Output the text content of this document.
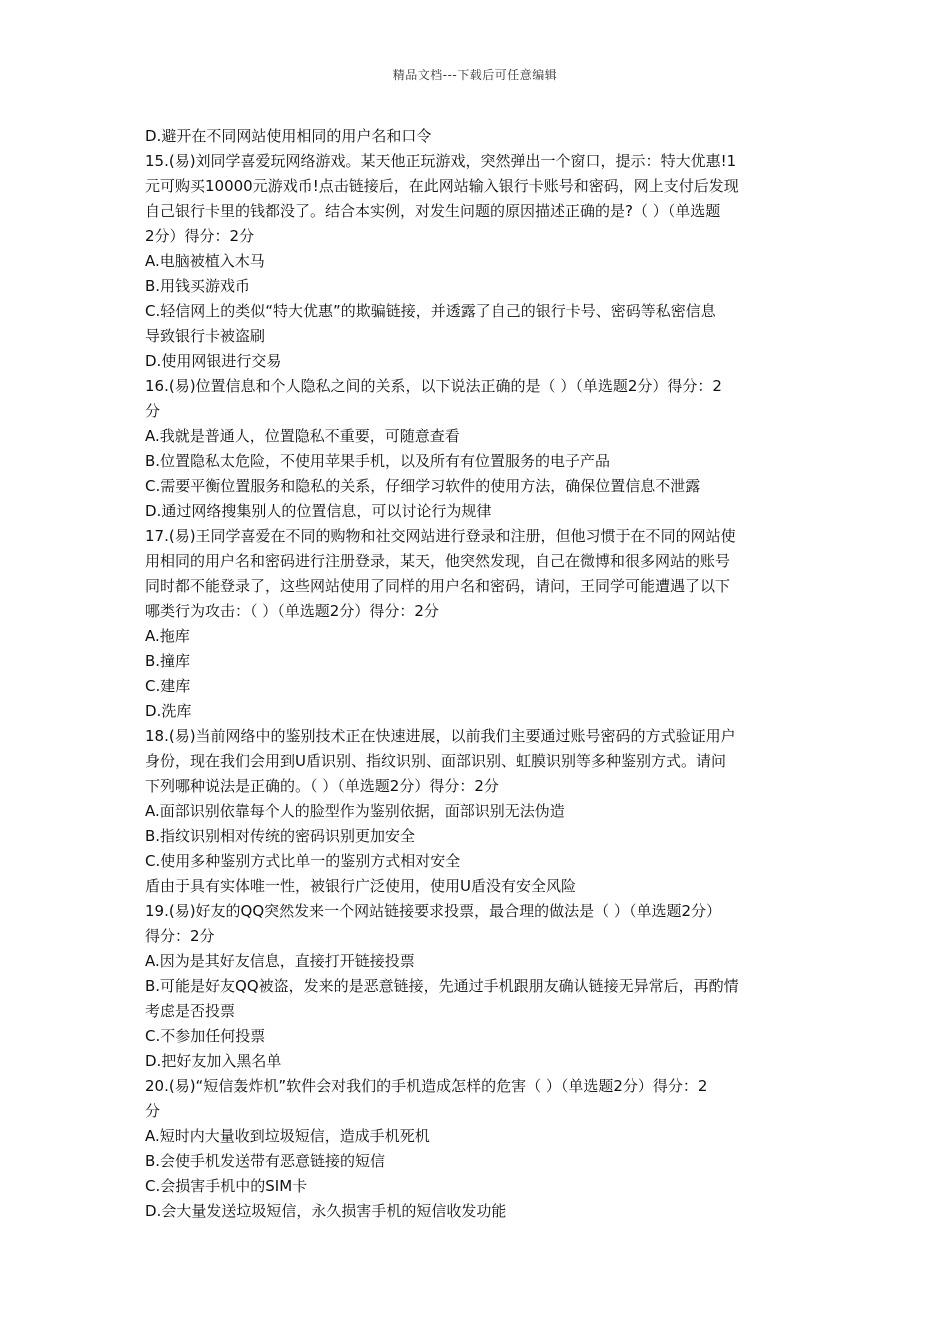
精品文档---下载后可任意编辑
D.避开在不同网站使用相同的用户名和口令
15.(易)刘同学喜爱玩网络游戏。某天他正玩游戏，突然弹出一个窗口，提示：特大优惠!1
元可购买10000元游戏币!点击链接后，在此网站输入银行卡账号和密码，网上支付后发现
自己银行卡里的钱都没了。结合本实例，对发生问题的原因描述正确的是?（ ）（单选题
2分）得分：2分
A.电脑被植入木马
B.用钱买游戏币
C.轻信网上的类似“特大优惠”的欺骗链接，并透露了自己的银行卡号、密码等私密信息
导致银行卡被盗刷
D.使用网银进行交易
16.(易)位置信息和个人隐私之间的关系，以下说法正确的是（ ）（单选题2分）得分：2
分
A.我就是普通人，位置隐私不重要，可随意查看
B.位置隐私太危险，不使用苹果手机，以及所有有位置服务的电子产品
C.需要平衡位置服务和隐私的关系，仔细学习软件的使用方法，确保位置信息不泄露
D.通过网络搜集别人的位置信息，可以讨论行为规律
17.(易)王同学喜爱在不同的购物和社交网站进行登录和注册，但他习惯于在不同的网站使
用相同的用户名和密码进行注册登录，某天，他突然发现，自己在微博和很多网站的账号
同时都不能登录了，这些网站使用了同样的用户名和密码，请问，王同学可能遭遇了以下
哪类行为攻击：（ ）（单选题2分）得分：2分
A.拖库
B.撞库
C.建库
D.洗库
18.(易)当前网络中的鉴别技术正在快速进展，以前我们主要通过账号密码的方式验证用户
身份，现在我们会用到U盾识别、指纹识别、面部识别、虹膜识别等多种鉴别方式。请问
下列哪种说法是正确的。（ ）（单选题2分）得分：2分
A.面部识别依靠每个人的脸型作为鉴别依据，面部识别无法伪造
B.指纹识别相对传统的密码识别更加安全
C.使用多种鉴别方式比单一的鉴别方式相对安全
盾由于具有实体唯一性，被银行广泛使用，使用U盾没有安全风险
19.(易)好友的QQ突然发来一个网站链接要求投票，最合理的做法是（ ）（单选题2分）
得分：2分
A.因为是其好友信息，直接打开链接投票
B.可能是好友QQ被盗，发来的是恶意链接，先通过手机跟朋友确认链接无异常后，再酌情
考虑是否投票
C.不参加任何投票
D.把好友加入黑名单
20.(易)“短信轰炸机”软件会对我们的手机造成怎样的危害（ ）（单选题2分）得分：2
分
A.短时内大量收到垃圾短信，造成手机死机
B.会使手机发送带有恶意链接的短信
C.会损害手机中的SIM卡
D.会大量发送垃圾短信，永久损害手机的短信收发功能
